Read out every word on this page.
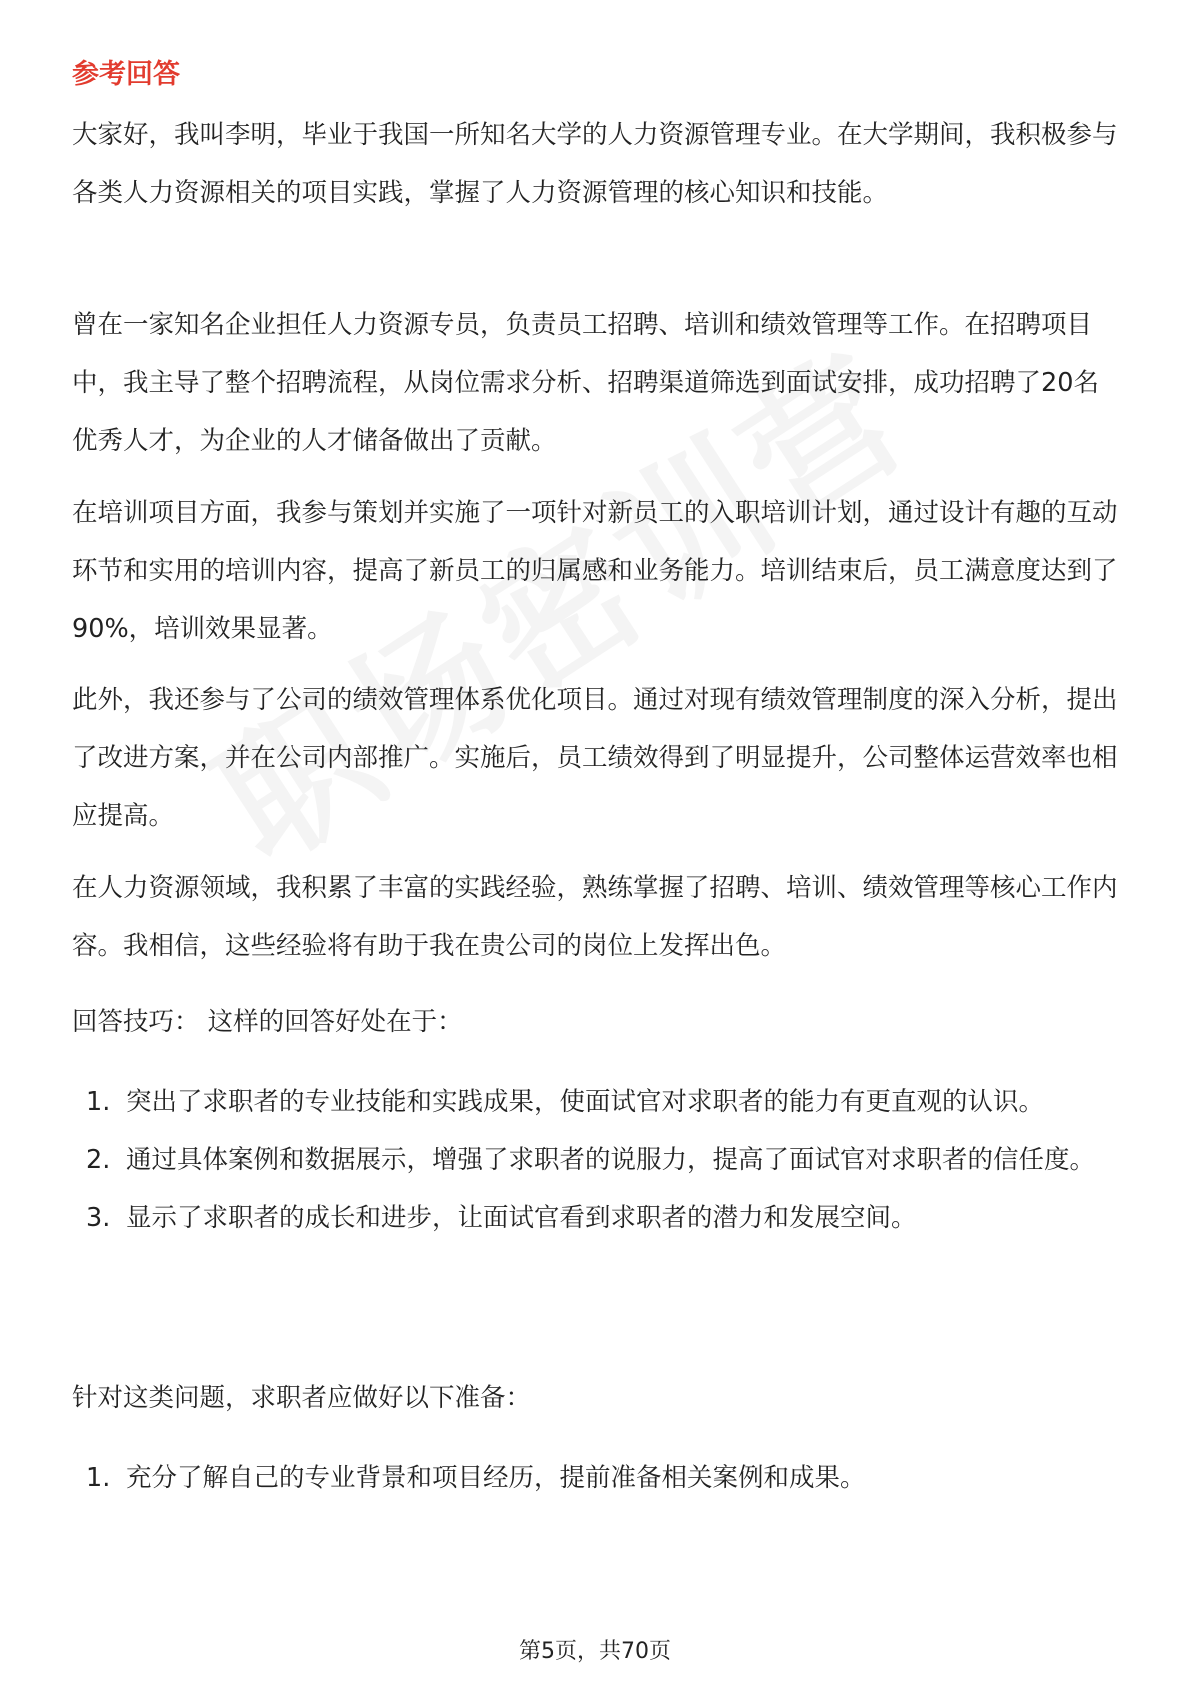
参考回答

大家好，我叫李明，毕业于我国一所知名大学的人力资源管理专业。在大学期间，我积极参与各类人力资源相关的项目实践，掌握了人力资源管理的核心知识和技能。

曾在一家知名企业担任人力资源专员，负责员工招聘、培训和绩效管理等工作。在招聘项目中，我主导了整个招聘流程，从岗位需求分析、招聘渠道筛选到面试安排，成功招聘了20名优秀人才，为企业的人才储备做出了贡献。

在培训项目方面，我参与策划并实施了一项针对新员工的入职培训计划，通过设计有趣的互动环节和实用的培训内容，提高了新员工的归属感和业务能力。培训结束后，员工满意度达到了90%，培训效果显著。

此外，我还参与了公司的绩效管理体系优化项目。通过对现有绩效管理制度的深入分析，提出了改进方案，并在公司内部推广。实施后，员工绩效得到了明显提升，公司整体运营效率也相应提高。

在人力资源领域，我积累了丰富的实践经验，熟练掌握了招聘、培训、绩效管理等核心工作内容。我相信，这些经验将有助于我在贵公司的岗位上发挥出色。

回答技巧： 这样的回答好处在于：

1. 突出了求职者的专业技能和实践成果，使面试官对求职者的能力有更直观的认识。
2. 通过具体案例和数据展示，增强了求职者的说服力，提高了面试官对求职者的信任度。
3. 显示了求职者的成长和进步，让面试官看到求职者的潜力和发展空间。

针对这类问题，求职者应做好以下准备：

1. 充分了解自己的专业背景和项目经历，提前准备相关案例和成果。
第5页，共70页
